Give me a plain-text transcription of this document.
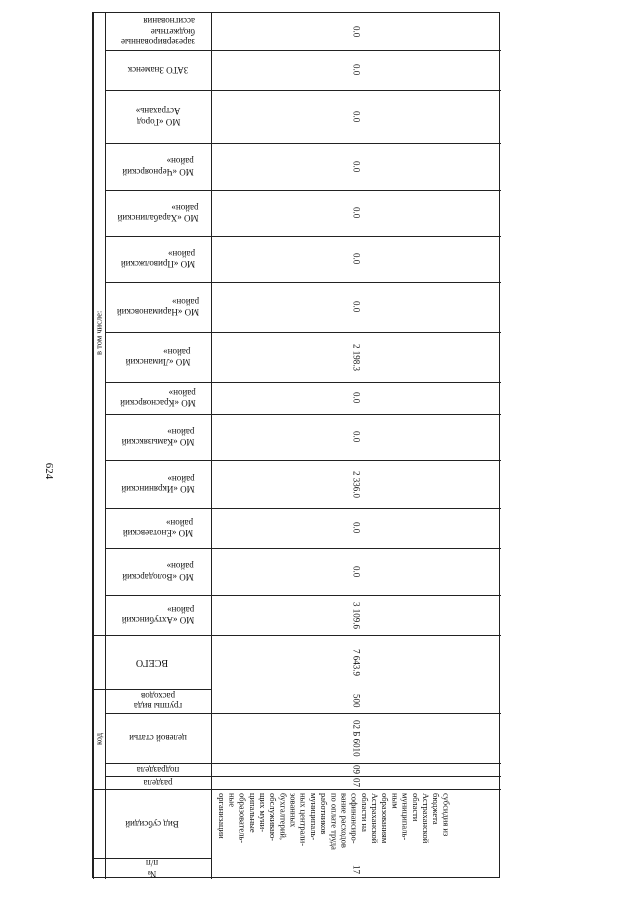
624
зарезервированные
бюджетные
ассигнования
ЗАТО Знаменск
МО «Город
Астрахань»
МО «Черноярский
район»
МО «Харабалинский
район»
МО «Приволжский
район»
МО «Наримановский
район»
МО «Лиманский
район»
МО «Красноярский
район»
МО «Камызякский
район»
МО «Икрянинский
район»
МО «Енотаевский
район»
МО «Володарский
район»
МО «Ахтубинский
район»
0.0
0.0
0.0
0.0
0.0
0.0
0.0
2 198.3
0.0
0.0
2 336.0
0.0
0.0
3 109.6
в том числе:
ВСЕГО	7 643.9
код
группы вида
расходов
целевой статьи
подраздела
раздела
500
02 Б 6010
09
07
Вид субсидий
№
п/п
субсидия из
бюджета
Астраханской
области
муниципаль-
ным
образованиям
Астраханской
области на
софинансиро-
вание расходов
по оплате труда
работников
муниципаль-
ных централи-
зованных
бухгалтерий,
обслуживаю-
щих муни-
ципальные
образователь-
ные
организации
17
